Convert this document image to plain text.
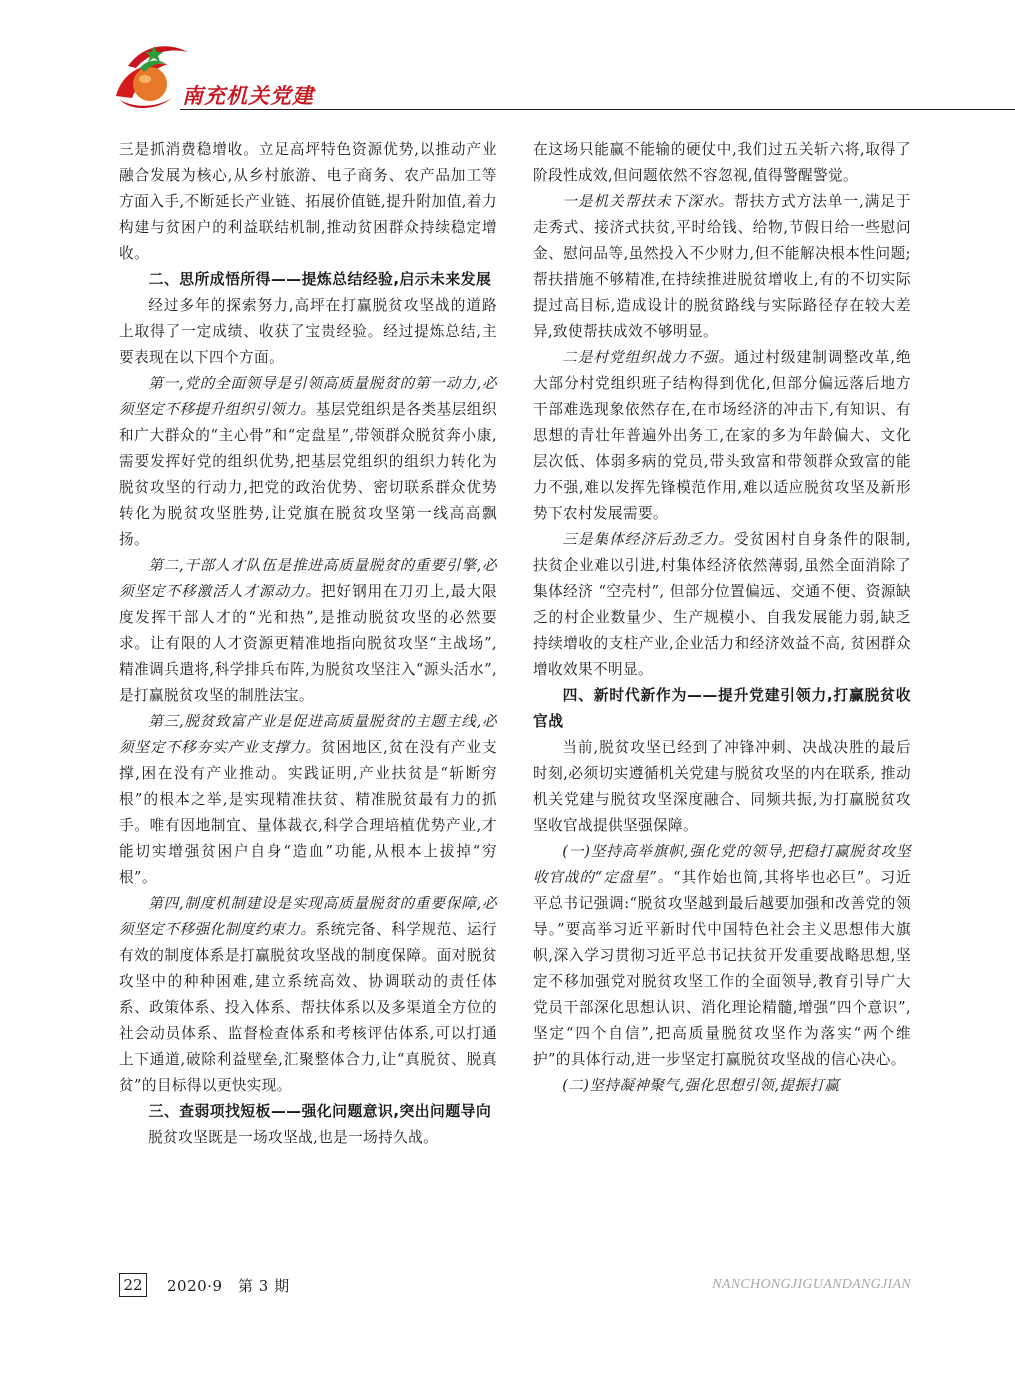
南充机关党建

三是抓消费稳增收。立足高坪特色资源优势,以推动产业融合发展为核心,从乡村旅游、电子商务、农产品加工等方面入手,不断延长产业链、拓展价值链,提升附加值,着力构建与贫困户的利益联结机制,推动贫困群众持续稳定增收。

二、思所成悟所得——提炼总结经验,启示未来发展

经过多年的探索努力,高坪在打赢脱贫攻坚战的道路上取得了一定成绩、收获了宝贵经验。经过提炼总结,主要表现在以下四个方面。

第一,党的全面领导是引领高质量脱贫的第一动力,必须坚定不移提升组织引领力。基层党组织是各类基层组织和广大群众的“主心骨”和“定盘星”,带领群众脱贫奔小康,需要发挥好党的组织优势,把基层党组织的组织力转化为脱贫攻坚的行动力,把党的政治优势、密切联系群众优势转化为脱贫攻坚胜势,让党旗在脱贫攻坚第一线高高飘扬。

第二,干部人才队伍是推进高质量脱贫的重要引擎,必须坚定不移激活人才源动力。把好钢用在刀刃上,最大限度发挥干部人才的“光和热”,是推动脱贫攻坚的必然要求。让有限的人才资源更精准地指向脱贫攻坚“主战场”,精准调兵遣将,科学排兵布阵,为脱贫攻坚注入“源头活水”,是打赢脱贫攻坚的制胜法宝。

第三,脱贫致富产业是促进高质量脱贫的主题主线,必须坚定不移夯实产业支撑力。贫困地区,贫在没有产业支撑,困在没有产业推动。实践证明,产业扶贫是“斩断穷根”的根本之举,是实现精准扶贫、精准脱贫最有力的抓手。唯有因地制宜、量体裁衣,科学合理培植优势产业,才能切实增强贫困户自身“造血”功能,从根本上拔掉“穷根”。

第四,制度机制建设是实现高质量脱贫的重要保障,必须坚定不移强化制度约束力。系统完备、科学规范、运行有效的制度体系是打赢脱贫攻坚战的制度保障。面对脱贫攻坚中的种种困难,建立系统高效、协调联动的责任体系、政策体系、投入体系、帮扶体系以及多渠道全方位的社会动员体系、监督检查体系和考核评估体系,可以打通上下通道,破除利益壁垒,汇聚整体合力,让“真脱贫、脱真贫”的目标得以更快实现。

三、查弱项找短板——强化问题意识,突出问题导向

脱贫攻坚既是一场攻坚战,也是一场持久战。

在这场只能赢不能输的硬仗中,我们过五关斩六将,取得了阶段性成效,但问题依然不容忽视,值得警醒警觉。

一是机关帮扶未下深水。帮扶方式方法单一,满足于走秀式、接济式扶贫,平时给钱、给物,节假日给一些慰问金、慰问品等,虽然投入不少财力,但不能解决根本性问题;帮扶措施不够精准,在持续推进脱贫增收上,有的不切实际提过高目标,造成设计的脱贫路线与实际路径存在较大差异,致使帮扶成效不够明显。

二是村党组织战力不强。通过村级建制调整改革,绝大部分村党组织班子结构得到优化,但部分偏远落后地方干部难选现象依然存在,在市场经济的冲击下,有知识、有思想的青壮年普遍外出务工,在家的多为年龄偏大、文化层次低、体弱多病的党员,带头致富和带领群众致富的能力不强,难以发挥先锋模范作用,难以适应脱贫攻坚及新形势下农村发展需要。

三是集体经济后劲乏力。受贫困村自身条件的限制,扶贫企业难以引进,村集体经济依然薄弱,虽然全面消除了集体经济 “空壳村”, 但部分位置偏远、交通不便、资源缺乏的村企业数量少、生产规模小、自我发展能力弱,缺乏持续增收的支柱产业,企业活力和经济效益不高, 贫困群众增收效果不明显。

四、新时代新作为——提升党建引领力,打赢脱贫收官战

当前,脱贫攻坚已经到了冲锋冲刺、决战决胜的最后时刻,必须切实遵循机关党建与脱贫攻坚的内在联系, 推动机关党建与脱贫攻坚深度融合、同频共振,为打赢脱贫攻坚收官战提供坚强保障。

(一)坚持高举旗帜,强化党的领导,把稳打赢脱贫攻坚收官战的“定盘星”。“其作始也简,其将毕也必巨”。习近平总书记强调:“脱贫攻坚越到最后越要加强和改善党的领导。”要高举习近平新时代中国特色社会主义思想伟大旗帜,深入学习贯彻习近平总书记扶贫开发重要战略思想,坚定不移加强党对脱贫攻坚工作的全面领导,教育引导广大党员干部深化思想认识、消化理论精髓,增强“四个意识”,坚定“四个自信”,把高质量脱贫攻坚作为落实“两个维护”的具体行动,进一步坚定打赢脱贫攻坚战的信心决心。

(二)坚持凝神聚气,强化思想引领,提振打赢

22 2020·9　第 3 期	NANCHONGJIGUANDANGJIAN
